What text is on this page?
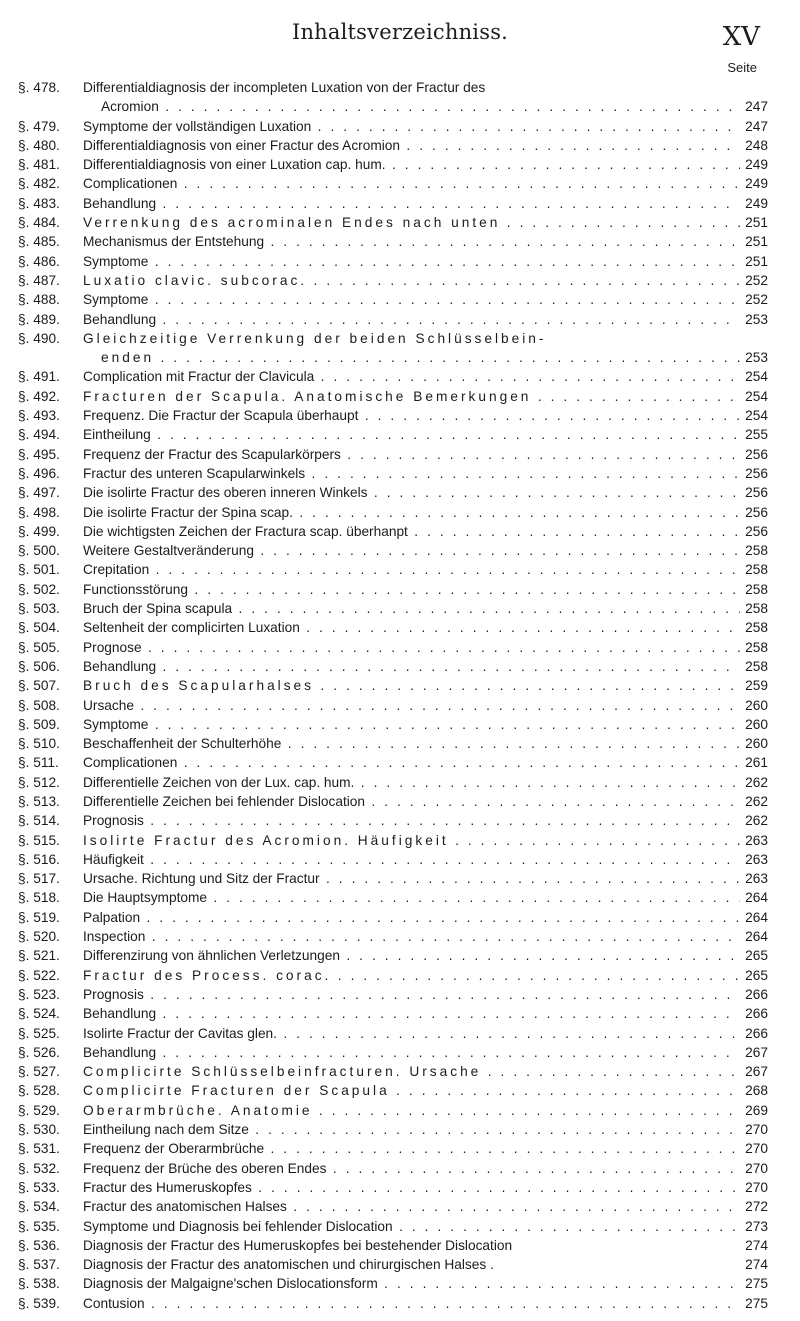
Inhaltsverzeichniss.	XV
Seite
§. 478.	Differentialdiagnosis der incompleten Luxation von der Fractur des
Acromion . . .	247
§. 479.	Symptome der vollständigen Luxation . . .	247
§. 480.	Differentialdiagnosis von einer Fractur des Acromion . . .	248
§. 481.	Differentialdiagnosis von einer Luxation cap. hum. . . .	249
§. 482.	Complicationen . . .	249
§. 483.	Behandlung . . .	249
§. 484.	Verrenkung des acrominalen Endes nach unten . . .	251
§. 485.	Mechanismus der Entstehung . . .	251
§. 486.	Symptome . . .	251
§. 487.	Luxatio clavic. subcorac. . . .	252
§. 488.	Symptome . . .	252
§. 489.	Behandlung . . .	253
§. 490.	Gleichzeitige Verrenkung der beiden Schlüsselbein-
enden . . .	253
§. 491.	Complication mit Fractur der Clavicula . . .	254
§. 492.	Fracturen der Scapula. Anatomische Bemerkungen . . .	254
§. 493.	Frequenz. Die Fractur der Scapula überhaupt . . .	254
§. 494.	Eintheilung . . .	255
§. 495.	Frequenz der Fractur des Scapularkörpers . . .	256
§. 496.	Fractur des unteren Scapularwinkels . . .	256
§. 497.	Die isolirte Fractur des oberen inneren Winkels . . .	256
§. 498.	Die isolirte Fractur der Spina scap. . . .	256
§. 499.	Die wichtigsten Zeichen der Fractura scap. überhanpt . . .	256
§. 500.	Weitere Gestaltveränderung . . .	258
§. 501.	Crepitation . . .	258
§. 502.	Functionsstörung . . .	258
§. 503.	Bruch der Spina scapula . . .	258
§. 504.	Seltenheit der complicirten Luxation . . .	258
§. 505.	Prognose . . .	258
§. 506.	Behandlung . . .	258
§. 507.	Bruch des Scapularhalses . . .	259
§. 508.	Ursache . . .	260
§. 509.	Symptome . . .	260
§. 510.	Beschaffenheit der Schulterhöhe . . .	260
§. 511.	Complicationen . . .	261
§. 512.	Differentielle Zeichen von der Lux. cap. hum. . . .	262
§. 513.	Differentielle Zeichen bei fehlender Dislocation . . .	262
§. 514.	Prognosis . . .	262
§. 515.	Isolirte Fractur des Acromion. Häufigkeit . . .	263
§. 516.	Häufigkeit . . .	263
§. 517.	Ursache. Richtung und Sitz der Fractur . . .	263
§. 518.	Die Hauptsymptome . . .	264
§. 519.	Palpation . . .	264
§. 520.	Inspection . . .	264
§. 521.	Differenzirung von ähnlichen Verletzungen . . .	265
§. 522.	Fractur des Process. corac. . . .	265
§. 523.	Prognosis . . .	266
§. 524.	Behandlung . . .	266
§. 525.	Isolirte Fractur der Cavitas glen. . . .	266
§. 526.	Behandlung . . .	267
§. 527.	Complicirte Schlüsselbeinfracturen. Ursache . . .	267
§. 528.	Complicirte Fracturen der Scapula . . .	268
§. 529.	Oberarmbrüche. Anatomie . . .	269
§. 530.	Eintheilung nach dem Sitze . . .	270
§. 531.	Frequenz der Oberarmbrüche . . .	270
§. 532.	Frequenz der Brüche des oberen Endes . . .	270
§. 533.	Fractur des Humeruskopfes . . .	270
§. 534.	Fractur des anatomischen Halses . . .	272
§. 535.	Symptome und Diagnosis bei fehlender Dislocation . . .	273
§. 536.	Diagnosis der Fractur des Humeruskopfes bei bestehender Dislocation	274
§. 537.	Diagnosis der Fractur des anatomischen und chirurgischen Halses .	274
§. 538.	Diagnosis der Malgaigne'schen Dislocationsform . . .	275
§. 539.	Contusion . . .	275
